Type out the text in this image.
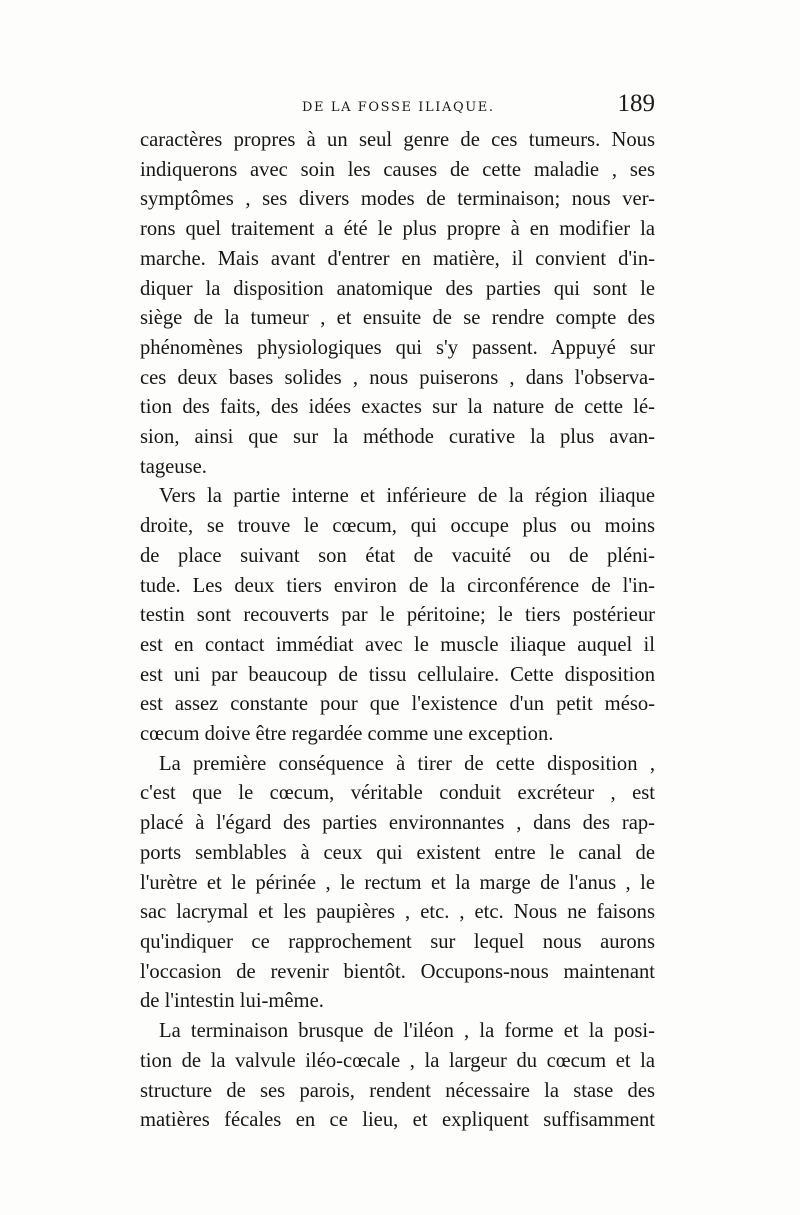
DE LA FOSSE ILIAQUE.	189

caractères propres à un seul genre de ces tumeurs. Nous
indiquerons avec soin les causes de cette maladie , ses
symptômes , ses divers modes de terminaison; nous ver-
rons quel traitement a été le plus propre à en modifier la
marche. Mais avant d'entrer en matière, il convient d'in-
diquer la disposition anatomique des parties qui sont le
siège de la tumeur , et ensuite de se rendre compte des
phénomènes physiologiques qui s'y passent. Appuyé sur
ces deux bases solides , nous puiserons , dans l'observa-
tion des faits, des idées exactes sur la nature de cette lé-
sion, ainsi que sur la méthode curative la plus avan-
tageuse.

Vers la partie interne et inférieure de la région iliaque
droite, se trouve le cœcum, qui occupe plus ou moins
de place suivant son état de vacuité ou de pléni-
tude. Les deux tiers environ de la circonférence de l'in-
testin sont recouverts par le péritoine; le tiers postérieur
est en contact immédiat avec le muscle iliaque auquel il
est uni par beaucoup de tissu cellulaire. Cette disposition
est assez constante pour que l'existence d'un petit méso-
cœcum doive être regardée comme une exception.

La première conséquence à tirer de cette disposition ,
c'est que le cœcum, véritable conduit excréteur , est
placé à l'égard des parties environnantes , dans des rap-
ports semblables à ceux qui existent entre le canal de
l'urètre et le périnée , le rectum et la marge de l'anus , le
sac lacrymal et les paupières , etc. , etc. Nous ne faisons
qu'indiquer ce rapprochement sur lequel nous aurons
l'occasion de revenir bientôt. Occupons-nous maintenant
de l'intestin lui-même.

La terminaison brusque de l'iléon , la forme et la posi-
tion de la valvule iléo-cœcale , la largeur du cœcum et la
structure de ses parois, rendent nécessaire la stase des
matières fécales en ce lieu, et expliquent suffisamment
